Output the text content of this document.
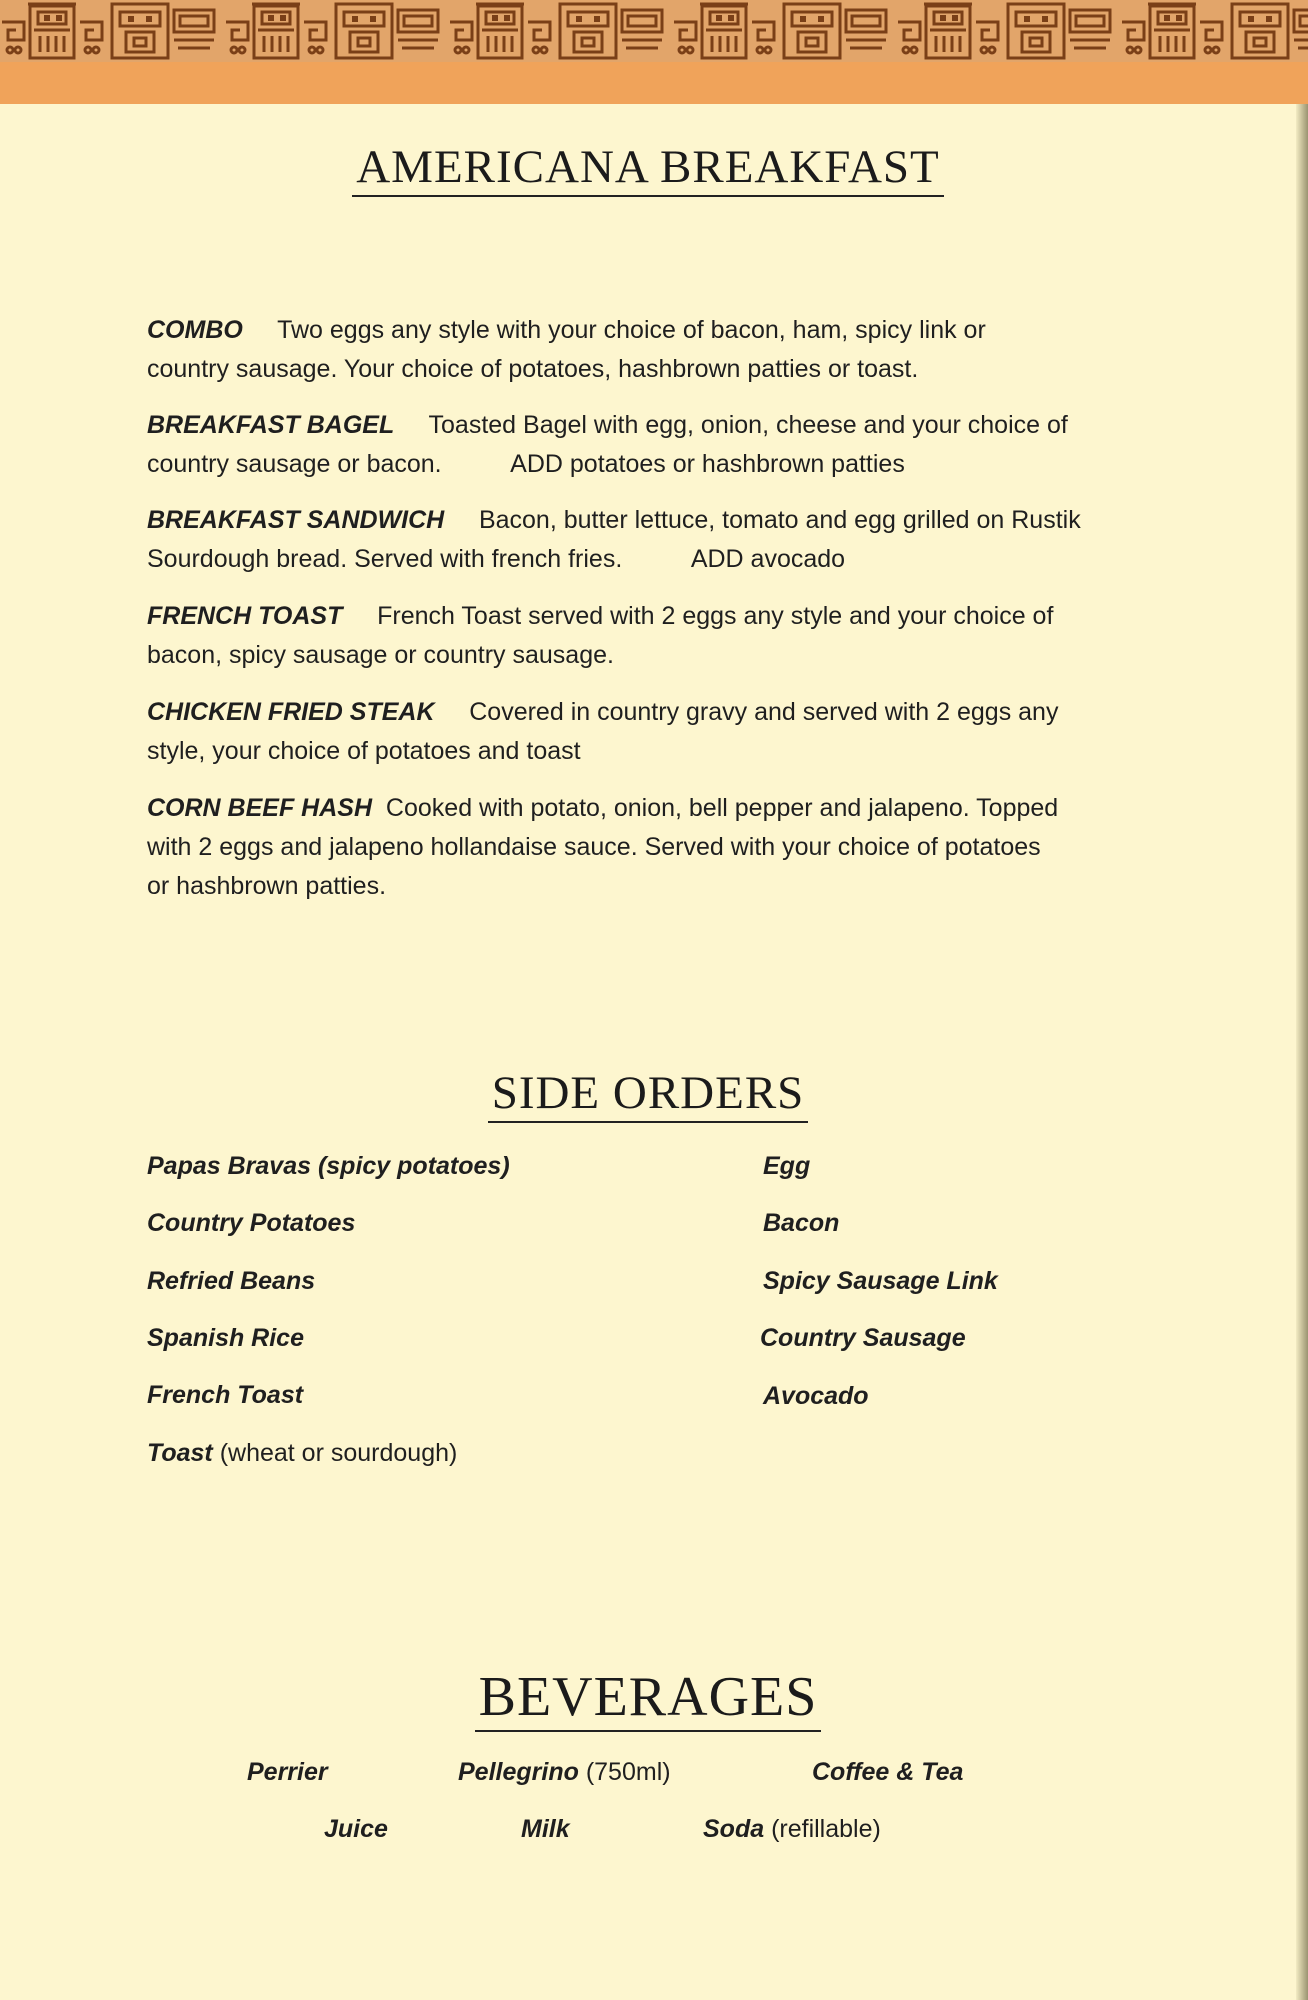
AMERICANA BREAKFAST
COMBO Two eggs any style with your choice of bacon, ham, spicy link or
country sausage. Your choice of potatoes, hashbrown patties or toast.
BREAKFAST BAGEL Toasted Bagel with egg, onion, cheese and your choice of
country sausage or bacon.	ADD potatoes or hashbrown patties
BREAKFAST SANDWICH Bacon, butter lettuce, tomato and egg grilled on Rustik
Sourdough bread. Served with french fries.	ADD avocado
FRENCH TOAST French Toast served with 2 eggs any style and your choice of
bacon, spicy sausage or country sausage.
CHICKEN FRIED STEAK Covered in country gravy and served with 2 eggs any
style, your choice of potatoes and toast
CORN BEEF HASH Cooked with potato, onion, bell pepper and jalapeno. Topped
with 2 eggs and jalapeno hollandaise sauce. Served with your choice of potatoes
or hashbrown patties.
SIDE ORDERS
Papas Bravas (spicy potatoes)
Country Potatoes
Refried Beans
Spanish Rice
French Toast
Toast (wheat or sourdough)
Egg
Bacon
Spicy Sausage Link
Country Sausage
Avocado
BEVERAGES
Perrier	Pellegrino (750ml)	Coffee & Tea
Juice	Milk	Soda (refillable)
